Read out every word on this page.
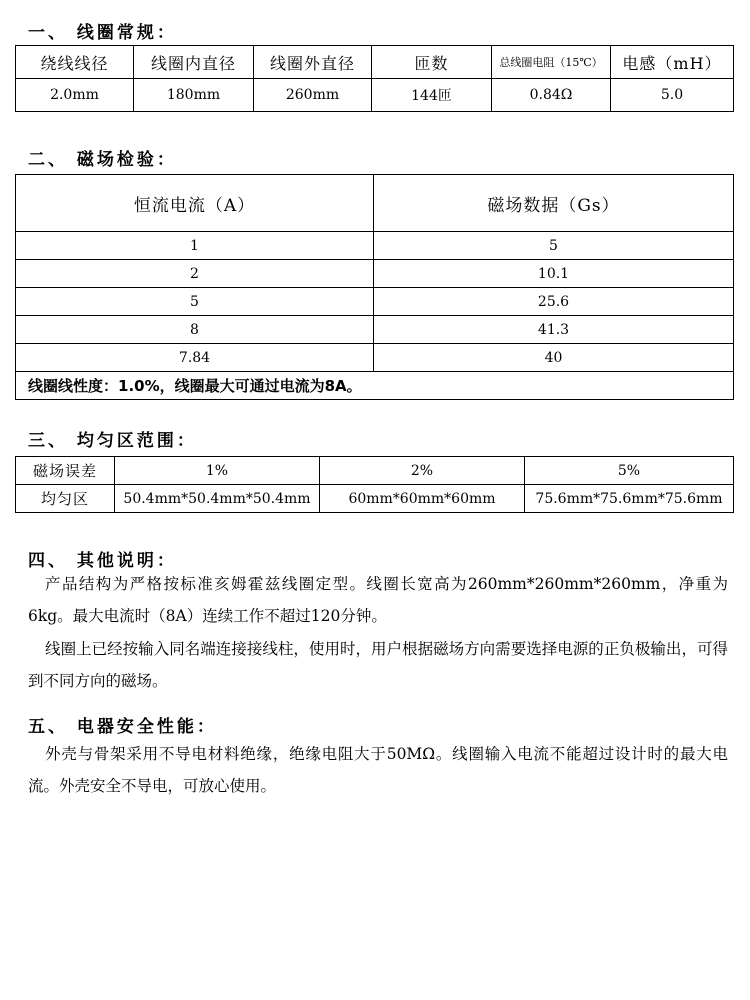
一、 线圈常规：
绕线线径	线圈内直径	线圈外直径	匝数	总线圈电阻（15℃）	电感（mH）
2.0mm	180mm	260mm	144匝	0.84Ω	5.0
二、 磁场检验：
恒流电流（A）	磁场数据（Gs）
1	5
2	10.1
5	25.6
8	41.3
7.84	40
线圈线性度：1.0%，线圈最大可通过电流为8A。	
三、 均匀区范围：
磁场误差	1%	2%	5%
均匀区	50.4mm*50.4mm*50.4mm	60mm*60mm*60mm	75.6mm*75.6mm*75.6mm
四、 其他说明：

产品结构为严格按标准亥姆霍兹线圈定型。线圈长宽高为260mm*260mm*260mm，净重为6kg。最大电流时（8A）连续工作不超过120分钟。

线圈上已经按输入同名端连接接线柱，使用时，用户根据磁场方向需要选择电源的正负极输出，可得到不同方向的磁场。

五、 电器安全性能：

外壳与骨架采用不导电材料绝缘，绝缘电阻大于50MΩ。线圈输入电流不能超过设计时的最大电流。外壳安全不导电，可放心使用。
